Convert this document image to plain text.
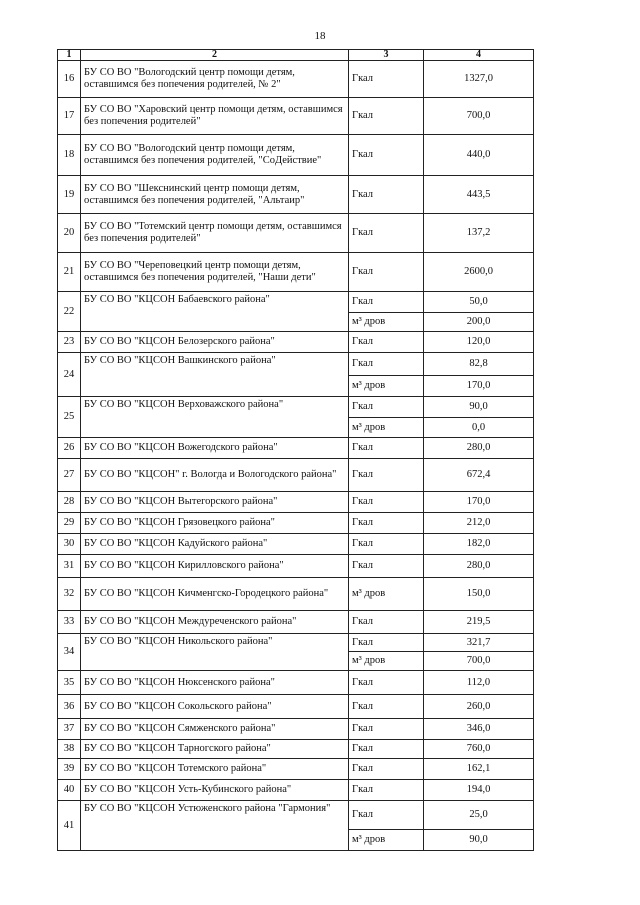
18
1	2	3	4
16	БУ СО ВО "Вологодский центр помощи детям, оставшимся без попечения родителей, № 2"	Гкал	1327,0
17	БУ СО ВО "Харовский центр помощи детям, оставшимся без попечения родителей"	Гкал	700,0
18	БУ СО ВО "Вологодский центр помощи детям, оставшимся без попечения родителей, "СоДействие"	Гкал	440,0
19	БУ СО ВО "Шекснинский центр помощи детям, оставшимся без попечения родителей, "Альтаир"	Гкал	443,5
20	БУ СО ВО "Тотемский центр помощи детям, оставшимся без попечения родителей"	Гкал	137,2
21	БУ СО ВО "Череповецкий центр помощи детям, оставшимся без попечения родителей, "Наши дети"	Гкал	2600,0
22	БУ СО ВО "КЦСОН Бабаевского района"	Гкал	50,0
		м³ дров	200,0
23	БУ СО ВО "КЦСОН Белозерского района"	Гкал	120,0
24	БУ СО ВО "КЦСОН Вашкинского района"	Гкал	82,8
		м³ дров	170,0
25	БУ СО ВО "КЦСОН Верховажского района"	Гкал	90,0
		м³ дров	0,0
26	БУ СО ВО "КЦСОН Вожегодского района"	Гкал	280,0
27	БУ СО ВО "КЦСОН" г. Вологда и Вологодского района"	Гкал	672,4
28	БУ СО ВО "КЦСОН Вытегорского района"	Гкал	170,0
29	БУ СО ВО "КЦСОН Грязовецкого района"	Гкал	212,0
30	БУ СО ВО "КЦСОН Кадуйского района"	Гкал	182,0
31	БУ СО ВО "КЦСОН Кирилловского района"	Гкал	280,0
32	БУ СО ВО "КЦСОН Кичменгско-Городецкого района"	м³ дров	150,0
33	БУ СО ВО "КЦСОН Междуреченского района"	Гкал	219,5
34	БУ СО ВО "КЦСОН Никольского района"	Гкал	321,7
		м³ дров	700,0
35	БУ СО ВО "КЦСОН Нюксенского района"	Гкал	112,0
36	БУ СО ВО "КЦСОН Сокольского района"	Гкал	260,0
37	БУ СО ВО "КЦСОН Сямженского района"	Гкал	346,0
38	БУ СО ВО "КЦСОН Тарногского района"	Гкал	760,0
39	БУ СО ВО "КЦСОН Тотемского района"	Гкал	162,1
40	БУ СО ВО "КЦСОН Усть-Кубинского района"	Гкал	194,0
41	БУ СО ВО "КЦСОН Устюженского района "Гармония"	Гкал	25,0
		м³ дров	90,0
